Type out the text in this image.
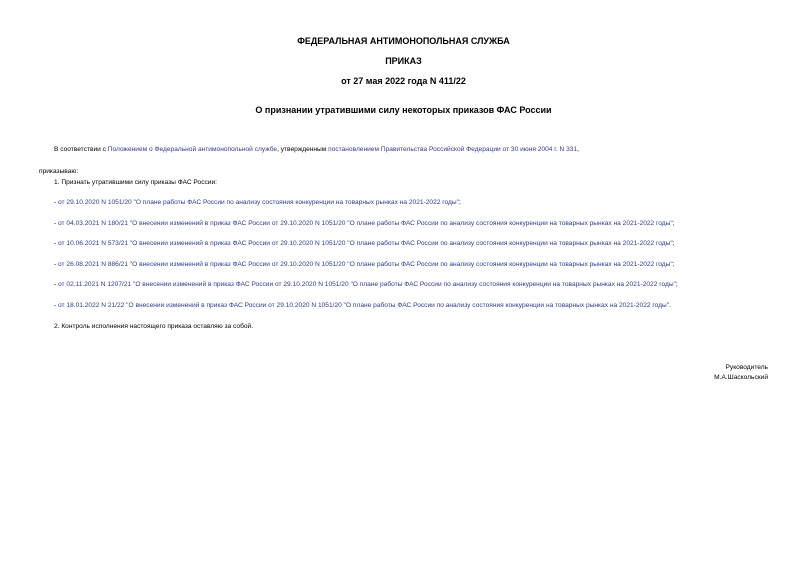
ФЕДЕРАЛЬНАЯ АНТИМОНОПОЛЬНАЯ СЛУЖБА
ПРИКАЗ
от 27 мая 2022 года N 411/22
О признании утратившими силу некоторых приказов ФАС России
В соответствии с Положением о Федеральной антимонопольной службе, утвержденным постановлением Правительства Российской Федерации от 30 июня 2004 г. N 331,
приказываю:
1. Признать утратившими силу приказы ФАС России:
- от 29.10.2020 N 1051/20 "О плане работы ФАС России по анализу состояния конкуренции на товарных рынках на 2021-2022 годы";
- от 04.03.2021 N 180/21 "О внесении изменений в приказ ФАС России от 29.10.2020 N 1051/20 "О плане работы ФАС России по анализу состояния конкуренции на товарных рынках на 2021-2022 годы";
- от 10.06.2021 N 573/21 "О внесении изменений в приказ ФАС России от 29.10.2020 N 1051/20 "О плане работы ФАС России по анализу состояния конкуренции на товарных рынках на 2021-2022 годы";
- от 26.08.2021 N 886/21 "О внесении изменений в приказ ФАС России от 29.10.2020 N 1051/20 "О плане работы ФАС России по анализу состояния конкуренции на товарных рынках на 2021-2022 годы";
- от 02.11.2021 N 1207/21 "О внесении изменений в приказ ФАС России от 29.10.2020 N 1051/20 "О плане работы ФАС России по анализу состояния конкуренции на товарных рынках на 2021-2022 годы";
- от 18.01.2022 N 21/22 "О внесении изменений в приказ ФАС России от 29.10.2020 N 1051/20 "О плане работы ФАС России по анализу состояния конкуренции на товарных рынках на 2021-2022 годы".
2. Контроль исполнения настоящего приказа оставляю за собой.
Руководитель
М.А.Шаскольский
